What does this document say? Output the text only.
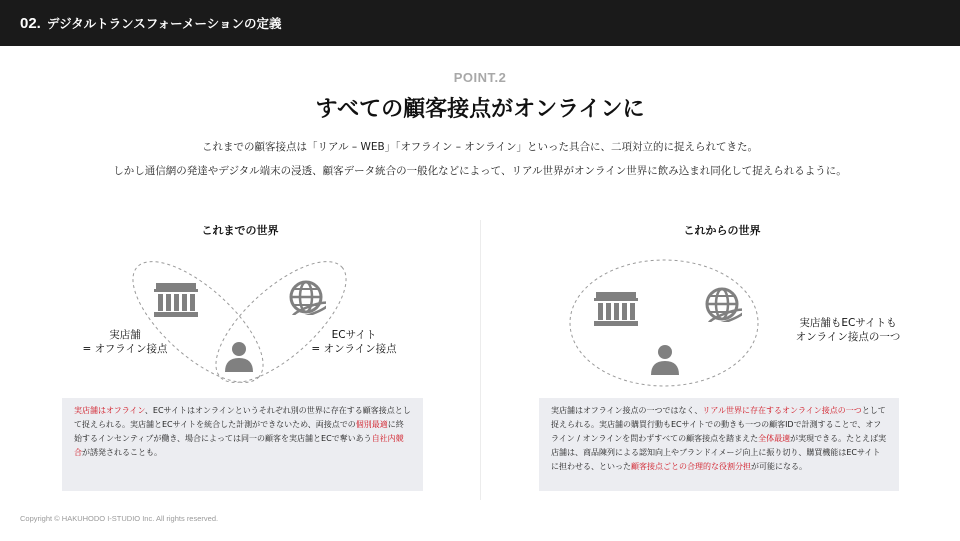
02. デジタルトランスフォーメーションの定義
POINT.2
すべての顧客接点がオンラインに
これまでの顧客接点は「リアル – WEB」「オフライン – オンライン」といった具合に、二項対立的に捉えられてきた。
しかし通信網の発達やデジタル端末の浸透、顧客データ統合の一般化などによって、リアル世界がオンライン世界に飲み込まれ同化して捉えられるように。
これまでの世界
実店舗
= オフライン接点
ECサイト
= オンライン接点
実店舗はオフライン、ECサイトはオンラインというそれぞれ別の世界に存在する顧客接点として捉えられる。実店舗とECサイトを統合した計測ができないため、両接点での個別最適に終始するインセンティブが働き、場合によっては同一の顧客を実店舗とECで奪いあう自社内競合が誘発されることも。
これからの世界
実店舗もECサイトも
オンライン接点の一つ
実店舗はオフライン接点の一つではなく、リアル世界に存在するオンライン接点の一つとして捉えられる。実店舗の購買行動もECサイトでの動きも一つの顧客IDで計測することで、オフライン / オンラインを問わずすべての顧客接点を踏まえた全体最適が実現できる。たとえば実店舗は、商品陳列による認知向上やブランドイメージ向上に振り切り、購買機能はECサイトに担わせる、といった顧客接点ごとの合理的な役割分担が可能になる。
Copyright © HAKUHODO I-STUDIO Inc. All rights reserved.
